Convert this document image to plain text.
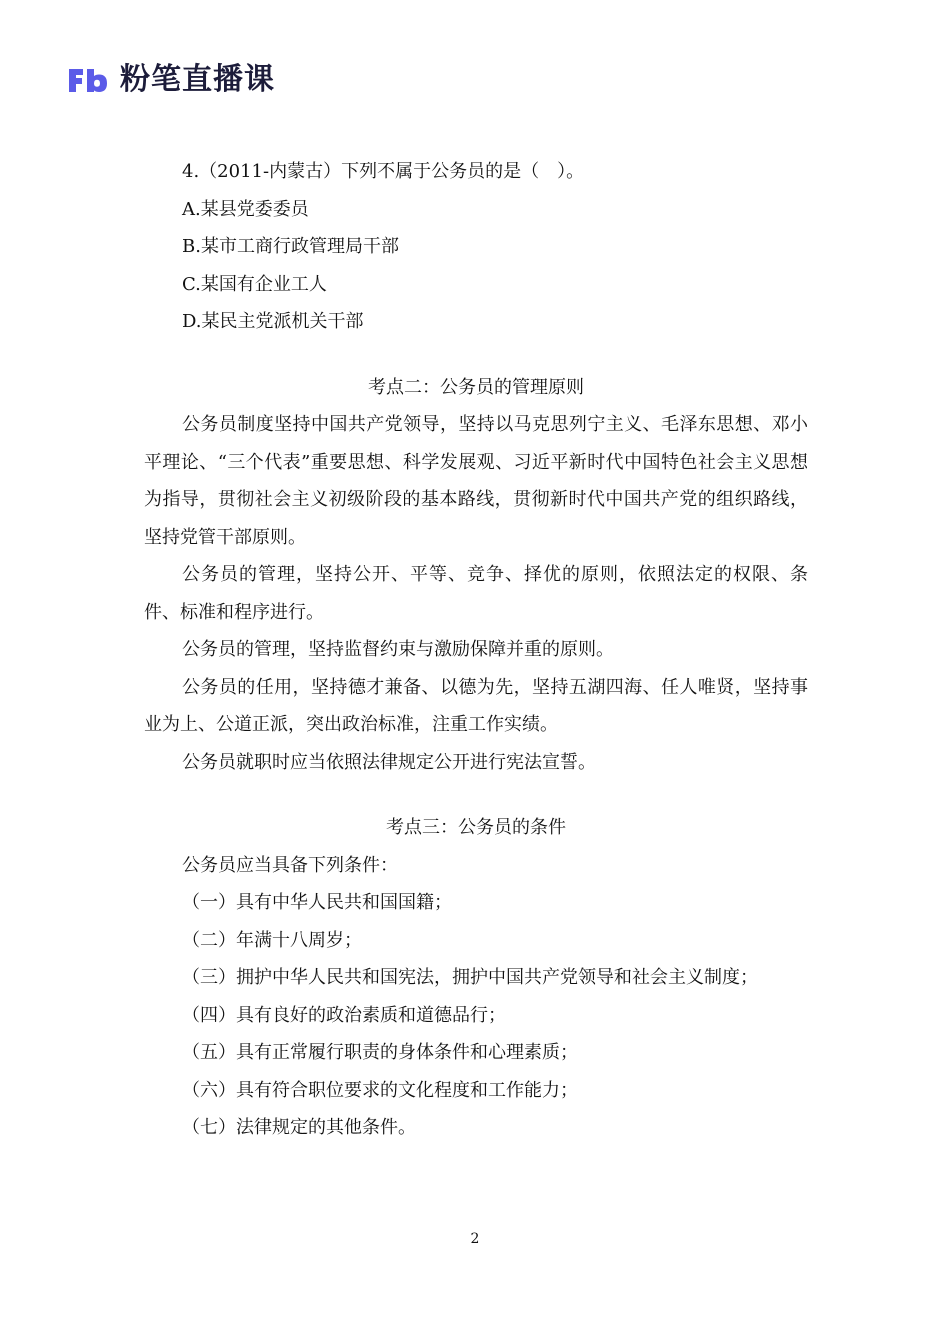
粉笔直播课
4.（2011-内蒙古）下列不属于公务员的是（　）。
A.某县党委委员
B.某市工商行政管理局干部
C.某国有企业工人
D.某民主党派机关干部
考点二：公务员的管理原则
公务员制度坚持中国共产党领导，坚持以马克思列宁主义、毛泽东思想、邓小平理论、“三个代表”重要思想、科学发展观、习近平新时代中国特色社会主义思想为指导，贯彻社会主义初级阶段的基本路线，贯彻新时代中国共产党的组织路线，坚持党管干部原则。
公务员的管理，坚持公开、平等、竞争、择优的原则，依照法定的权限、条件、标准和程序进行。
公务员的管理，坚持监督约束与激励保障并重的原则。
公务员的任用，坚持德才兼备、以德为先，坚持五湖四海、任人唯贤，坚持事业为上、公道正派，突出政治标准，注重工作实绩。
公务员就职时应当依照法律规定公开进行宪法宣誓。
考点三：公务员的条件
公务员应当具备下列条件：
（一）具有中华人民共和国国籍；
（二）年满十八周岁；
（三）拥护中华人民共和国宪法，拥护中国共产党领导和社会主义制度；
（四）具有良好的政治素质和道德品行；
（五）具有正常履行职责的身体条件和心理素质；
（六）具有符合职位要求的文化程度和工作能力；
（七）法律规定的其他条件。
2
